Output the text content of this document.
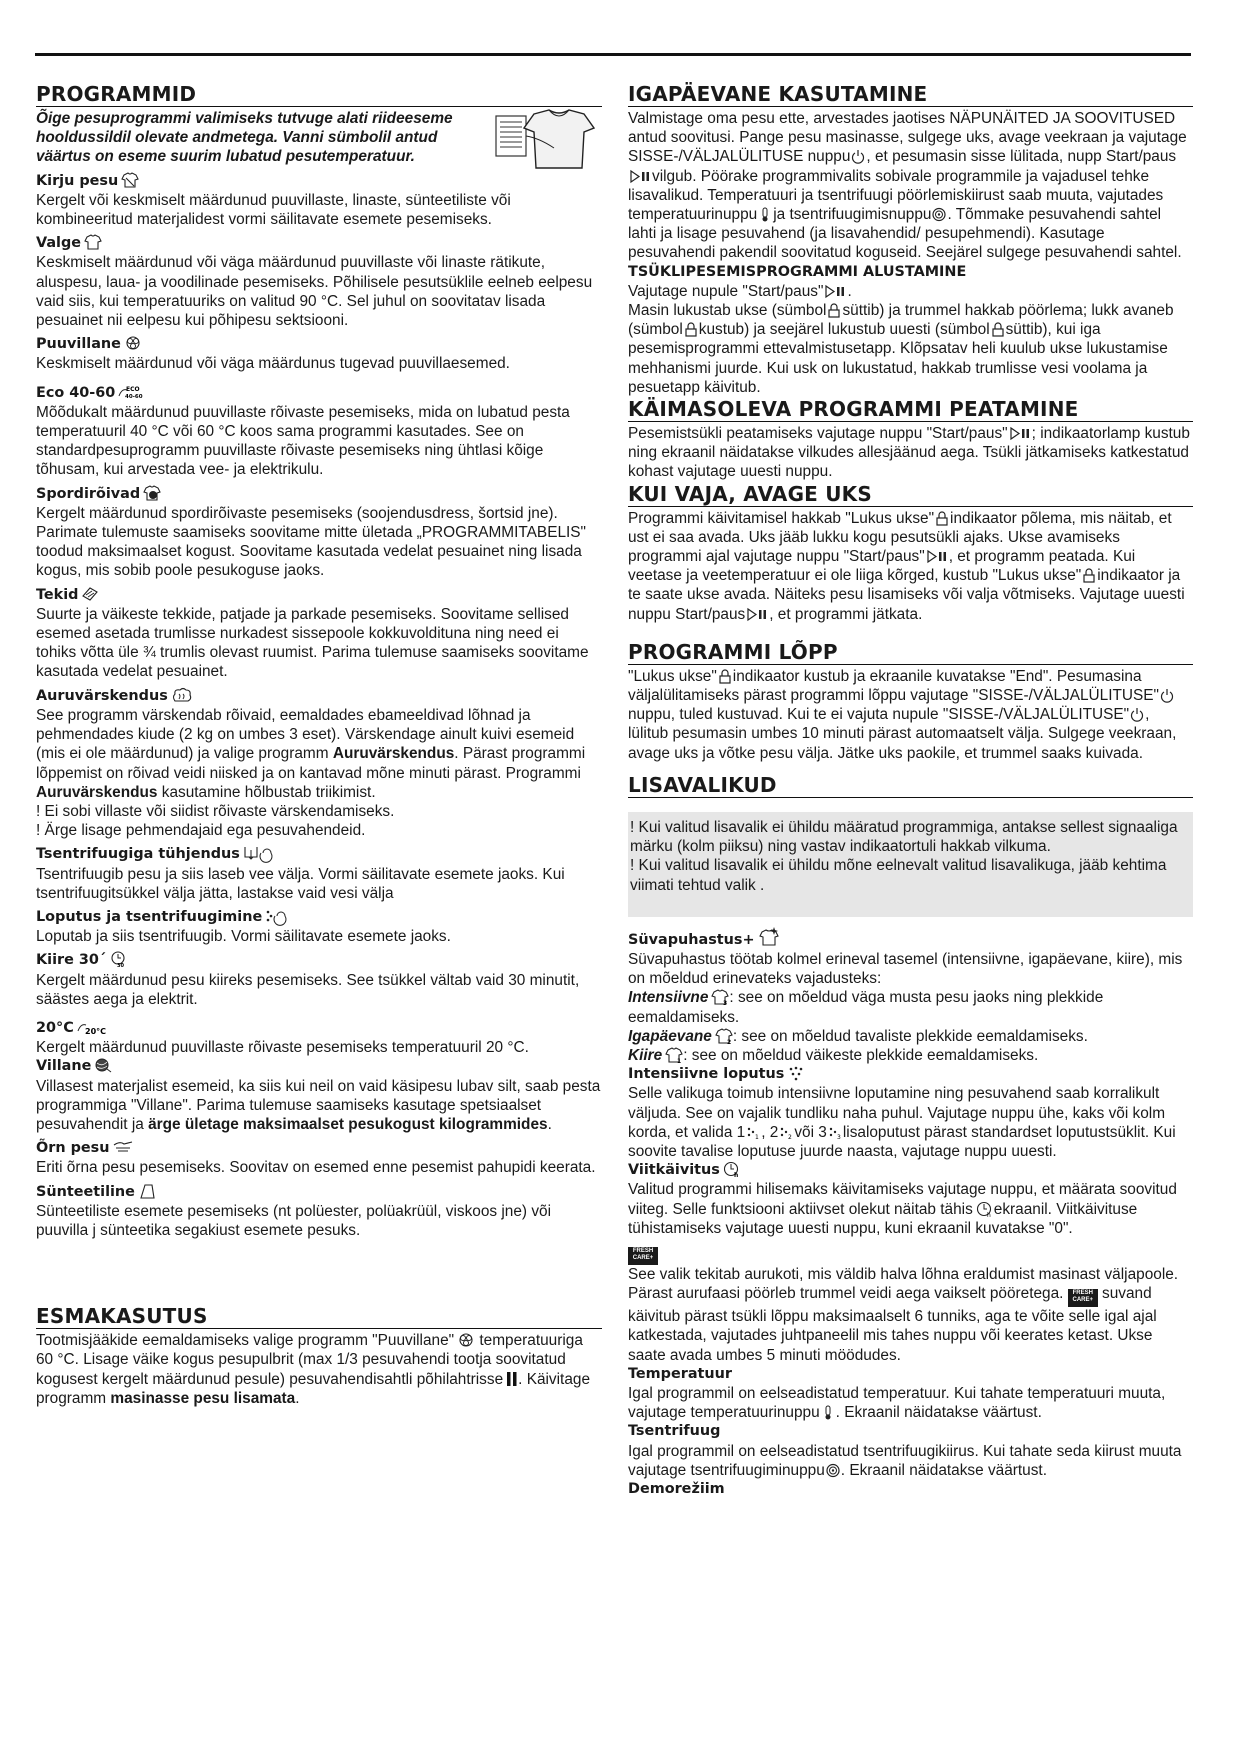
PROGRAMMID

Õige pesuprogrammi valimiseks tutvuge alati riideeseme hooldussildil olevate andmetega. Vanni sümbolil antud väärtus on eseme suurim lubatud pesutemperatuur.

Kirju pesu

Kergelt või keskmiselt määrdunud puuvillaste, linaste, sünteetiliste või kombineeritud materjalidest vormi säilitavate esemete pesemiseks.

Valge

Keskmiselt määrdunud või väga määrdunud puuvillaste või linaste rätikute, aluspesu, laua- ja voodilinade pesemiseks. Põhilisele pesutsüklile eelneb eelpesu vaid siis, kui temperatuuriks on valitud 90 °C. Sel juhul on soovitatav lisada pesuainet nii eelpesu kui põhipesu sektsiooni.

Puuvillane

Keskmiselt määrdunud või väga määrdunus tugevad puuvillaesemed.

Eco 40-60 ECO
40-60

Mõõdukalt määrdunud puuvillaste rõivaste pesemiseks, mida on lubatud pesta temperatuuril 40 °C või 60 °C koos sama programmi kasutades. See on standardpesuprogramm puuvillaste rõivaste pesemiseks ning ühtlasi kõige tõhusam, kui arvestada vee- ja elektrikulu.

Spordirõivad

Kergelt määrdunud spordirõivaste pesemiseks (soojendusdress, šortsid jne). Parimate tulemuste saamiseks soovitame mitte ületada „PROGRAMMITABELIS" toodud maksimaalset kogust. Soovitame kasutada vedelat pesuainet ning lisada kogus, mis sobib poole pesukoguse jaoks.

Tekid

Suurte ja väikeste tekkide, patjade ja parkade pesemiseks. Soovitame sellised esemed asetada trumlisse nurkadest sissepoole kokkuvolditunа ning need ei tohiks võtta üle ¾ trumlis olevast ruumist. Parima tulemuse saamiseks soovitame kasutada vedelat pesuainet.

Auruvärskendus

See programm värskendab rõivaid, eemaldades ebameeldivad lõhnad ja pehmendades kiude (2 kg on umbes 3 eset). Värskendage ainult kuivi esemeid (mis ei ole määrdunud) ja valige programm Auruvärskendus. Pärast programmi lõppemist on rõivad veidi niisked ja on kantavad mõne minuti pärast. Programmi Auruvärskendus kasutamine hõlbustab triikimist.

! Ei sobi villaste või siidist rõivaste värskendamiseks.

! Ärge lisage pehmendajaid ega pesuvahendeid.

Tsentrifuugiga tühjendus

Tsentrifuugib pesu ja siis laseb vee välja. Vormi säilitavate esemete jaoks. Kui tsentrifuugitsükkel välja jätta, lastakse vaid vesi välja

Loputus ja tsentrifuugimine

Loputab ja siis tsentrifuugib. Vormi säilitavate esemete jaoks.

Kiire 30´ 30

Kergelt määrdunud pesu kiireks pesemiseks. See tsükkel vältab vaid 30 minutit, säästes aega ja elektrit.

20°C 20°C

Kergelt määrdunud puuvillaste rõivaste pesemiseks temperatuuril 20 °C.

Villane

Villasest materjalist esemeid, ka siis kui neil on vaid käsipesu lubav silt, saab pesta programmiga "Villane". Parima tulemuse saamiseks kasutage spetsiaalset pesuvahendit ja ärge ületage maksimaalset pesukogust kilogrammides.

Õrn pesu

Eriti õrna pesu pesemiseks. Soovitav on esemed enne pesemist pahupidi keerata.

Sünteetiline

Sünteetiliste esemete pesemiseks (nt polüester, polüakrüül, viskoos jne) või puuvilla j sünteetika segakiust esemete pesuks.

ESMAKASUTUS

Tootmisjääkide eemaldamiseks valige programm "Puuvillane" temperatuuriga 60 °C. Lisage väike kogus pesupulbrit (max 1/3 pesuvahendi tootja soovitatud kogusest kergelt määrdunud pesule) pesuvahendisahtli põhilahtrisse . Käivitage programm masinasse pesu lisamata.

IGAPÄEVANE KASUTAMINE

Valmistage oma pesu ette, arvestades jaotises NÄPUNÄITED JA SOOVITUSED antud soovitusi. Pange pesu masinasse, sulgege uks, avage veekraan ja vajutage SISSE-/VÄLJALÜLITUSE nuppu , et pesumasin sisse lülitada, nupp Start/pausvilgub. Pöörake programmivalits sobivale programmile ja vajadusel tehke lisavalikud. Temperatuuri ja tsentrifuugi pöörlemiskiirust saab muuta, vajutades temperatuurinuppu ja tsentrifuugimisnuppu . Tõmmake pesuvahendi sahtel lahti ja lisage pesuvahend (ja lisavahendid/ pesupehmendi). Kasutage pesuvahendi pakendil soovitatud koguseid. Seejärel sulgege pesuvahendi sahtel.

TSÜKLIPESEMISPROGRAMMI ALUSTAMINE

Vajutage nupule "Start/paus" .
Masin lukustab ukse (sümbol süttib) ja trummel hakkab pöörlema; lukk avaneb (sümbol kustub) ja seejärel lukustub uuesti (sümbol süttib), kui iga pesemisprogrammi ettevalmistusetapp. Klõpsatav heli kuulub ukse lukustamise mehhanismi juurde. Kui usk on lukustatud, hakkab trumlisse vesi voolama ja pesuetapp käivitub.

KÄIMASOLEVA PROGRAMMI PEATAMINE

Pesemistsükli peatamiseks vajutage nuppu "Start/paus" ; indikaatorlamp kustub ning ekraanil näidatakse vilkudes allesjäänud aega. Tsükli jätkamiseks katkestatud kohast vajutage uuesti nuppu.

KUI VAJA, AVAGE UKS

Programmi käivitamisel hakkab "Lukus ukse" indikaator põlema, mis näitab, et ust ei saa avada. Uks jääb lukku kogu pesutsükli ajaks. Ukse avamiseks programmi ajal vajutage nuppu "Start/paus" , et programm peatada. Kui veetase ja veetemperatuur ei ole liiga kõrged, kustub "Lukus ukse" indikaator ja te saate ukse avada. Näiteks pesu lisamiseks või valja võtmiseks. Vajutage uuesti nuppu Start/paus , et programmi jätkata.

PROGRAMMI LÕPP

"Lukus ukse" indikaator kustub ja ekraanile kuvatakse "End". Pesumasina väljalülitamiseks pärast programmi lõppu vajutage "SISSE-/VÄLJALÜLITUSE"nuppu, tuled kustuvad. Kui te ei vajuta nupule "SISSE-/VÄLJALÜLITUSE" , lülitub pesumasin umbes 10 minuti pärast automaatselt välja. Sulgege veekraan, avage uks ja võtke pesu välja. Jätke uks paokile, et trummel saaks kuivada.

LISAVALIKUD

! Kui valitud lisavalik ei ühildu määratud programmiga, antakse sellest signaaliga märku (kolm piiksu) ning vastav indikaatortuli hakkab vilkuma.

! Kui valitud lisavalik ei ühildu mõne eelnevalt valitud lisavalikuga, jääb kehtima viimati tehtud valik .

Süvapuhastus+

Süvapuhastus töötab kolmel erineval tasemel (intensiivne, igapäevane, kiire), mis on mõeldud erinevateks vajadusteks:

Intensiivne	3 : see on mõeldud väga musta pesu jaoks ning plekkide eemaldamiseks.

Igapäevane	2 : see on mõeldud tavaliste plekkide eemaldamiseks.

Kiire	1 : see on mõeldud väikeste plekkide eemaldamiseks.

Intensiivne loputus

Selle valikuga toimub intensiivne loputamine ning pesuvahend saab korralikult väljuda. See on vajalik tundliku naha puhul. Vajutage nuppu ühe, kaks või kolm korda, et valida 1 1 , 2 2 või 3 3 lisaloputust pärast standardset loputustsüklit. Kui soovite tavalise loputuse juurde naasta, vajutage nuppu uuesti.

Viitkäivitus h

Valitud programmi hilisemaks käivitamiseks vajutage nuppu, et määrata soovitud viiteg. Selle funktsiooni aktiivset olekut näitab tähis h ekraanil. Viitkäivituse tühistamiseks vajutage uuesti nuppu, kuni ekraanil kuvatakse "0".

FRESH CARE+

See valik tekitab aurukoti, mis väldib halva lõhna eraldumist masinast väljapoole. Pärast aurufaasi pöörleb trummel veidi aega vaikselt pööretega. FRESH CARE+ suvand käivitub pärast tsükli lõppu maksimaalselt 6 tunniks, aga te võite selle igal ajal katkestada, vajutades juhtpaneelil mis tahes nuppu või keerates ketast. Ukse saate avada umbes 5 minuti möödudes.

Temperatuur

Igal programmil on eelseadistatud temperatuur. Kui tahate temperatuuri muuta, vajutage temperatuurinuppu . Ekraanil näidatakse väärtust.

Tsentrifuug

Igal programmil on eelseadistatud tsentrifuugikiirus. Kui tahate seda kiirust muuta vajutage tsentrifuugiminuppu . Ekraanil näidatakse väärtust.

Demorežiim
